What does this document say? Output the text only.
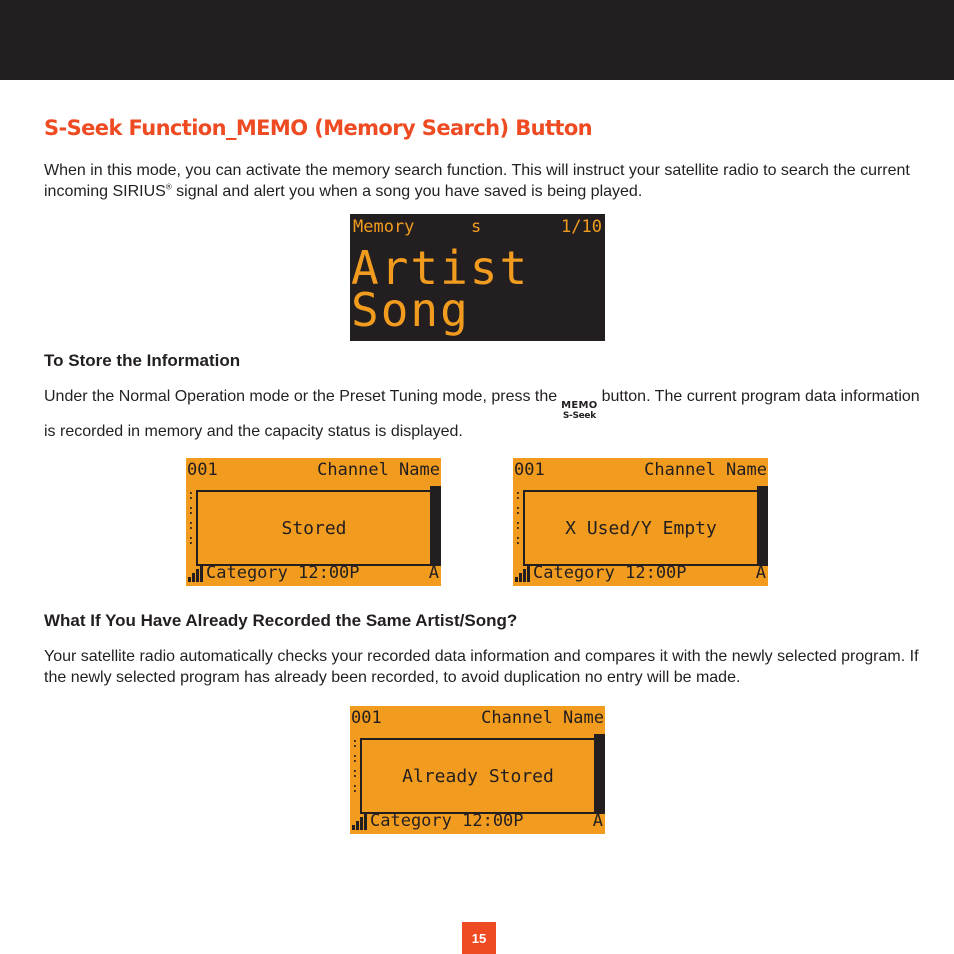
S-Seek Function_MEMO (Memory Search) Button

When in this mode, you can activate the memory search function. This will instruct your satellite radio to search the current incoming SIRIUS® signal and alert you when a song you have saved is being played.

Memory	s	1/10
Artist
Song
To Store the Information

Under the Normal Operation mode or the Preset Tuning mode, press the
MEMO
S-Seek
button. The current program data information is recorded in memory and the capacity status is displayed.

001	Channel Name
:
:
:
:
Stored
Category 12:00P	A
001	Channel Name
:
:
:
:
X Used/Y Empty
Category 12:00P	A
What If You Have Already Recorded the Same Artist/Song?

Your satellite radio automatically checks your recorded data information and compares it with the newly selected program. If the newly selected program has already been recorded, to avoid duplication no entry will be made.

001	Channel Name
:
:
:
:
Already Stored
Category 12:00P	A
15
